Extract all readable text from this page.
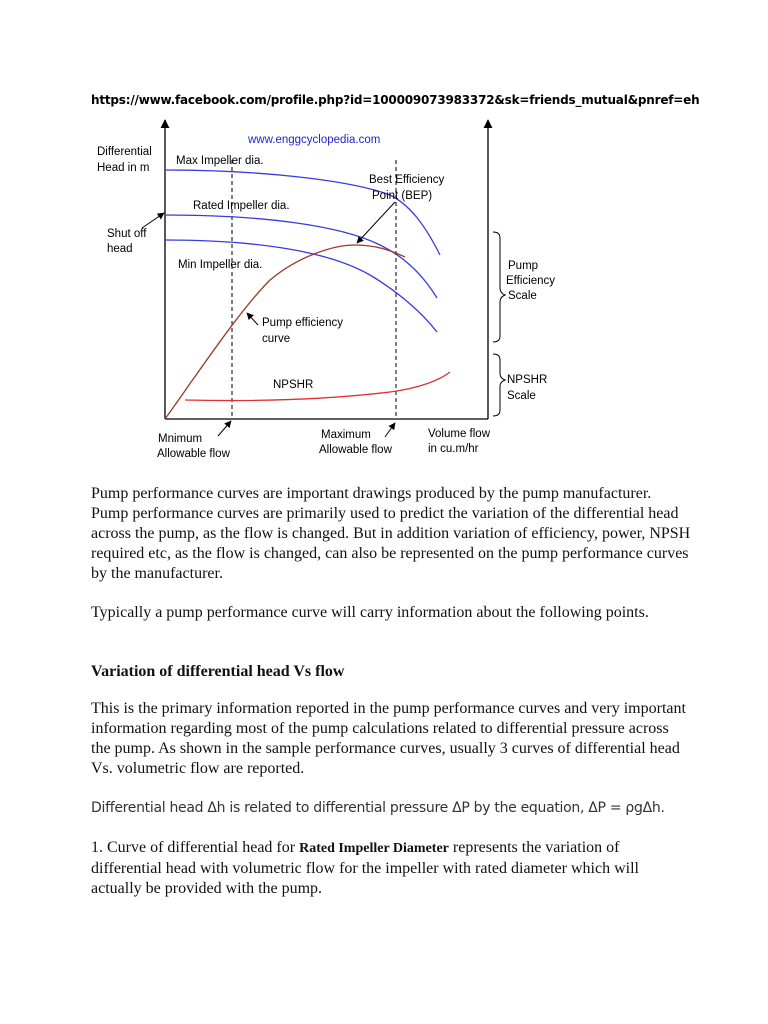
https://www.facebook.com/profile.php?id=100009073983372&sk=friends_mutual&pnref=eh
www.enggcyclopedia.com
Differential
Head in m
Shut off
head
Max Impeller dia.
Rated Impeller dia.
Min Impeller dia.
Best Efficiency
Point (BEP)
Pump efficiency
curve
NPSHR
Pump
Efficiency
Scale
NPSHR
Scale
Mnimum
Allowable flow
Maximum
Allowable flow
Volume flow
in cu.m/hr

Pump performance curves are important drawings produced by the pump manufacturer. Pump performance curves are primarily used to predict the variation of the differential head across the pump, as the flow is changed. But in addition variation of efficiency, power, NPSH required etc, as the flow is changed, can also be represented on the pump performance curves by the manufacturer.

Typically a pump performance curve will carry information about the following points.

Variation of differential head Vs flow

This is the primary information reported in the pump performance curves and very important information regarding most of the pump calculations related to differential pressure across the pump. As shown in the sample performance curves, usually 3 curves of differential head Vs. volumetric flow are reported.

Differential head Δh is related to differential pressure ΔP by the equation, ΔP = ρgΔh.

1. Curve of differential head for Rated Impeller Diameter represents the variation of differential head with volumetric flow for the impeller with rated diameter which will actually be provided with the pump.
